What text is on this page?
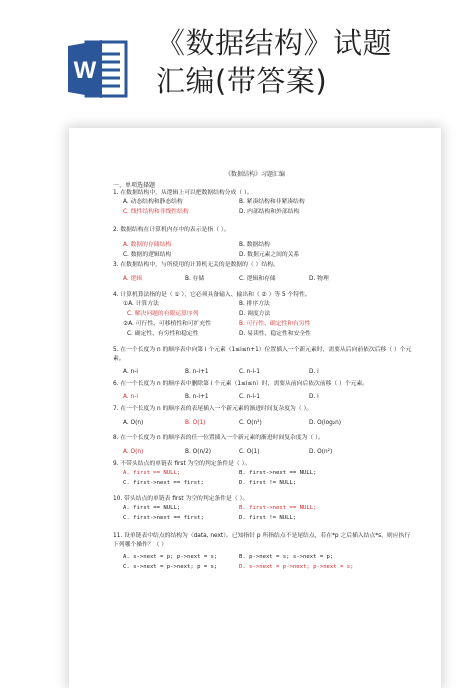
W
《数据结构》试题
汇编(带答案)
《数据结构》习题汇编
一、单项选择题
1. 在数据结构中，从逻辑上可以把数据结构分成（ ）。
A. 动态结构和静态结构	B. 紧凑结构和非紧凑结构
C. 线性结构和非线性结构	D. 内部结构和外部结构
2. 数据结构在计算机内存中的表示是指（ ）。
A. 数据的存储结构	B. 数据结构
C. 数据的逻辑结构	D. 数据元素之间的关系
3. 在数据结构中，与所使用的计算机无关的是数据的（ ）结构。
A. 逻辑	B. 存储	C. 逻辑和存储	D. 物理
4. 计算机算法指的是（ ① ），它必须具备输入、输出和（ ② ）等 5 个特性。
①A. 计算方法	B. 排序方法
C. 解决问题的有限运算序列	D. 调度方法
②A. 可行性、可移植性和可扩充性	B. 可行性、确定性和有穷性
C. 确定性、有穷性和稳定性	D. 易读性、稳定性和安全性
5. 在一个长度为 n 的顺序表中向第 i 个元素（1≤i≤n+1）位置插入一个新元素时，需要从后向前依次后移（ ）个元素。
A. n-i	B. n-i+1	C. n-i-1	D. i
6. 在一个长度为 n 的顺序表中删除第 i 个元素（1≤i≤n）时，需要从前向后依次前移（ ）个元素。
A. n-i	B. n-i+1	C. n-i-1	D. i
7. 在一个长度为 n 的顺序表的表尾插入一个新元素的渐进时间复杂度为（ ）。
A. O(n)	B. O(1)	C. O(n²)	D. O(log₂n)
8. 在一个长度为 n 的顺序表的任一位置插入一个新元素的渐进时间复杂度为（ ）。
A. O(n)	B. O(n/2)	C. O(1)	D. O(n²)
9. 不带头结点的单链表 first 为空的判定条件是（ ）。
A. first == NULL;	B. first->next == NULL;
C. first->next == first;	D. first != NULL;
10. 带头结点的单链表 first 为空的判定条件是（ ）。
A. first == NULL;	B. first->next == NULL;
C. first->next == first;	D. first != NULL;
11. 设单链表中结点的结构为（data, next）。已知指针 p 所指结点不是尾结点，若在*p 之后插入结点*s，则应执行下列哪个操作？（ ）
A. s->next = p; p->next = s;	B. p->next = s; s->next = p;
C. s->next = p->next; p = s;	D. s->next = p->next; p->next = s;
